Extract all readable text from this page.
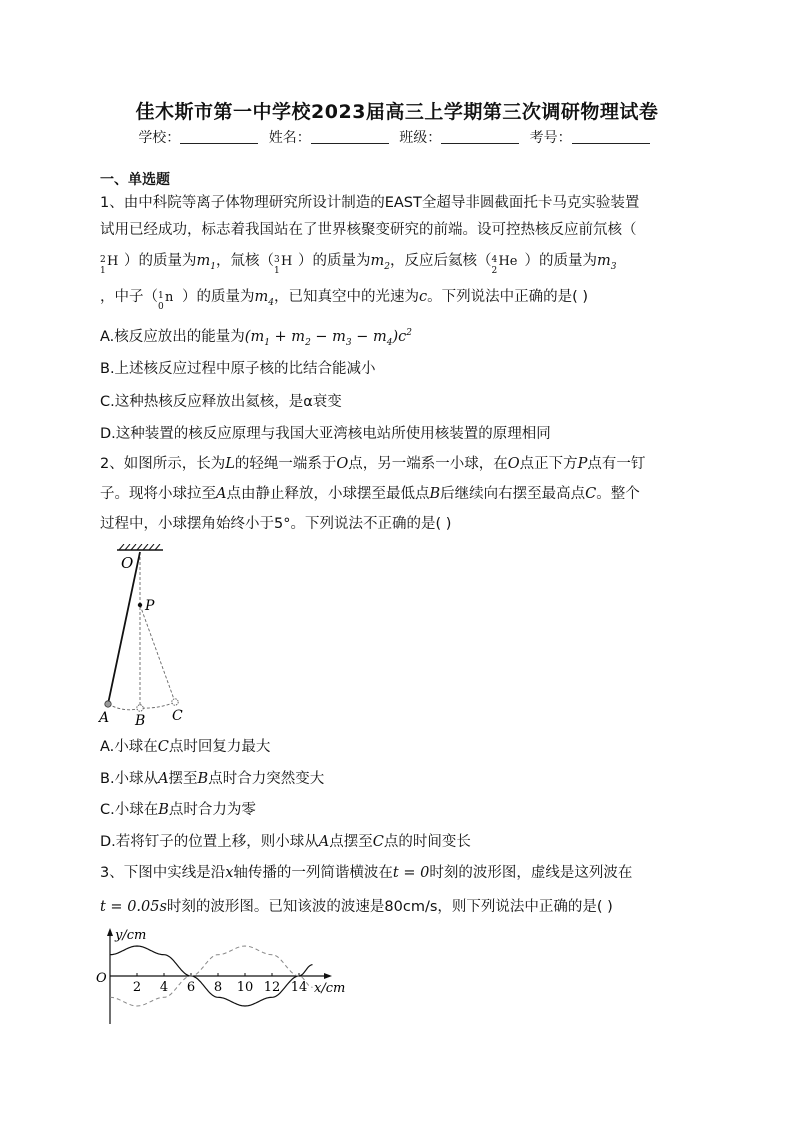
佳木斯市第一中学校2023届高三上学期第三次调研物理试卷
学校：	姓名：	班级：	考号：
一、单选题
1、由中科院等离子体物理研究所设计制造的EAST全超导非圆截面托卡马克实验装置
试用已经成功，标志着我国站在了世界核聚变研究的前端。设可控热核反应前氘核（
2
1
H ）的质量为$m_1$，氚核（ 3
1
H ）的质量为$m_2$，反应后氦核（ 4
2
He ）的质量为$m_3$
，中子（ 1
0
n ）的质量为$m_4$，已知真空中的光速为c。下列说法中正确的是( )
A.核反应放出的能量为$(m_1 + m_2 - m_3 - m_4)c^2$
B.上述核反应过程中原子核的比结合能减小
C.这种热核反应释放出氦核，是α衰变
D.这种装置的核反应原理与我国大亚湾核电站所使用核装置的原理相同
2、如图所示，长为L的轻绳一端系于O点，另一端系一小球，在O点正下方P点有一钉
子。现将小球拉至A点由静止释放，小球摆至最低点B后继续向右摆至最高点C。整个
过程中，小球摆角始终小于5°。下列说法不正确的是( )
O
P
A B C
A.小球在C点时回复力最大
B.小球从A摆至B点时合力突然变大
C.小球在B点时合力为零
D.若将钉子的位置上移，则小球从A点摆至C点的时间变长
3、下图中实线是沿x轴传播的一列简谐横波在t = 0时刻的波形图，虚线是这列波在
t = 0.05s时刻的波形图。已知该波的波速是80cm/s，则下列说法中正确的是( )
y/cm
x/cm
O
2 4 6 8 10 12 14
